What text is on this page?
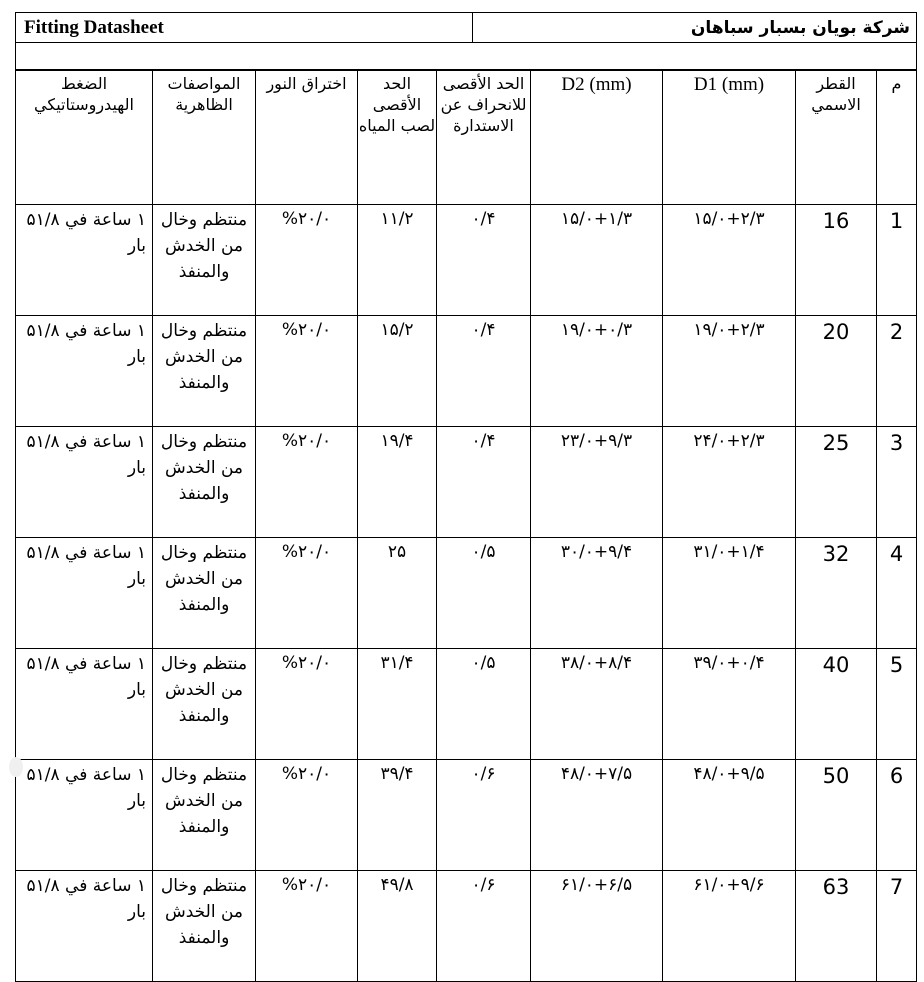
Fitting Datasheet	شركة بويان بسبار سباهان

الضغط الهيدروستاتيكي	المواصفات الظاهرية	اختراق النور	الحد الأقصى لصب المياه	الحد الأقصى للانحراف عن الاستدارة	D2 (mm)	D1 (mm)	القطر الاسمي	م
۱ ساعة في ۵۱/۸ بار	منتظم وخال من الخدش والمنفذ	۰/%۲۰	۱۱/۲	۰/۴	۱۵/۰+۱/۳	۱۵/۰+۲/۳	16	1
۱ ساعة في ۵۱/۸ بار	منتظم وخال من الخدش والمنفذ	۰/%۲۰	۱۵/۲	۰/۴	۱۹/۰+۰/۳	۱۹/۰+۲/۳	20	2
۱ ساعة في ۵۱/۸ بار	منتظم وخال من الخدش والمنفذ	۰/%۲۰	۱۹/۴	۰/۴	۲۳/۰+۹/۳	۲۴/۰+۲/۳	25	3
۱ ساعة في ۵۱/۸ بار	منتظم وخال من الخدش والمنفذ	۰/%۲۰	۲۵	۰/۵	۳۰/۰+۹/۴	۳۱/۰+۱/۴	32	4
۱ ساعة في ۵۱/۸ بار	منتظم وخال من الخدش والمنفذ	۰/%۲۰	۳۱/۴	۰/۵	۳۸/۰+۸/۴	۳۹/۰+۰/۴	40	5
۱ ساعة في ۵۱/۸ بار	منتظم وخال من الخدش والمنفذ	۰/%۲۰	۳۹/۴	۰/۶	۴۸/۰+۷/۵	۴۸/۰+۹/۵	50	6
۱ ساعة في ۵۱/۸ بار	منتظم وخال من الخدش والمنفذ	۰/%۲۰	۴۹/۸	۰/۶	۶۱/۰+۶/۵	۶۱/۰+۹/۶	63	7
